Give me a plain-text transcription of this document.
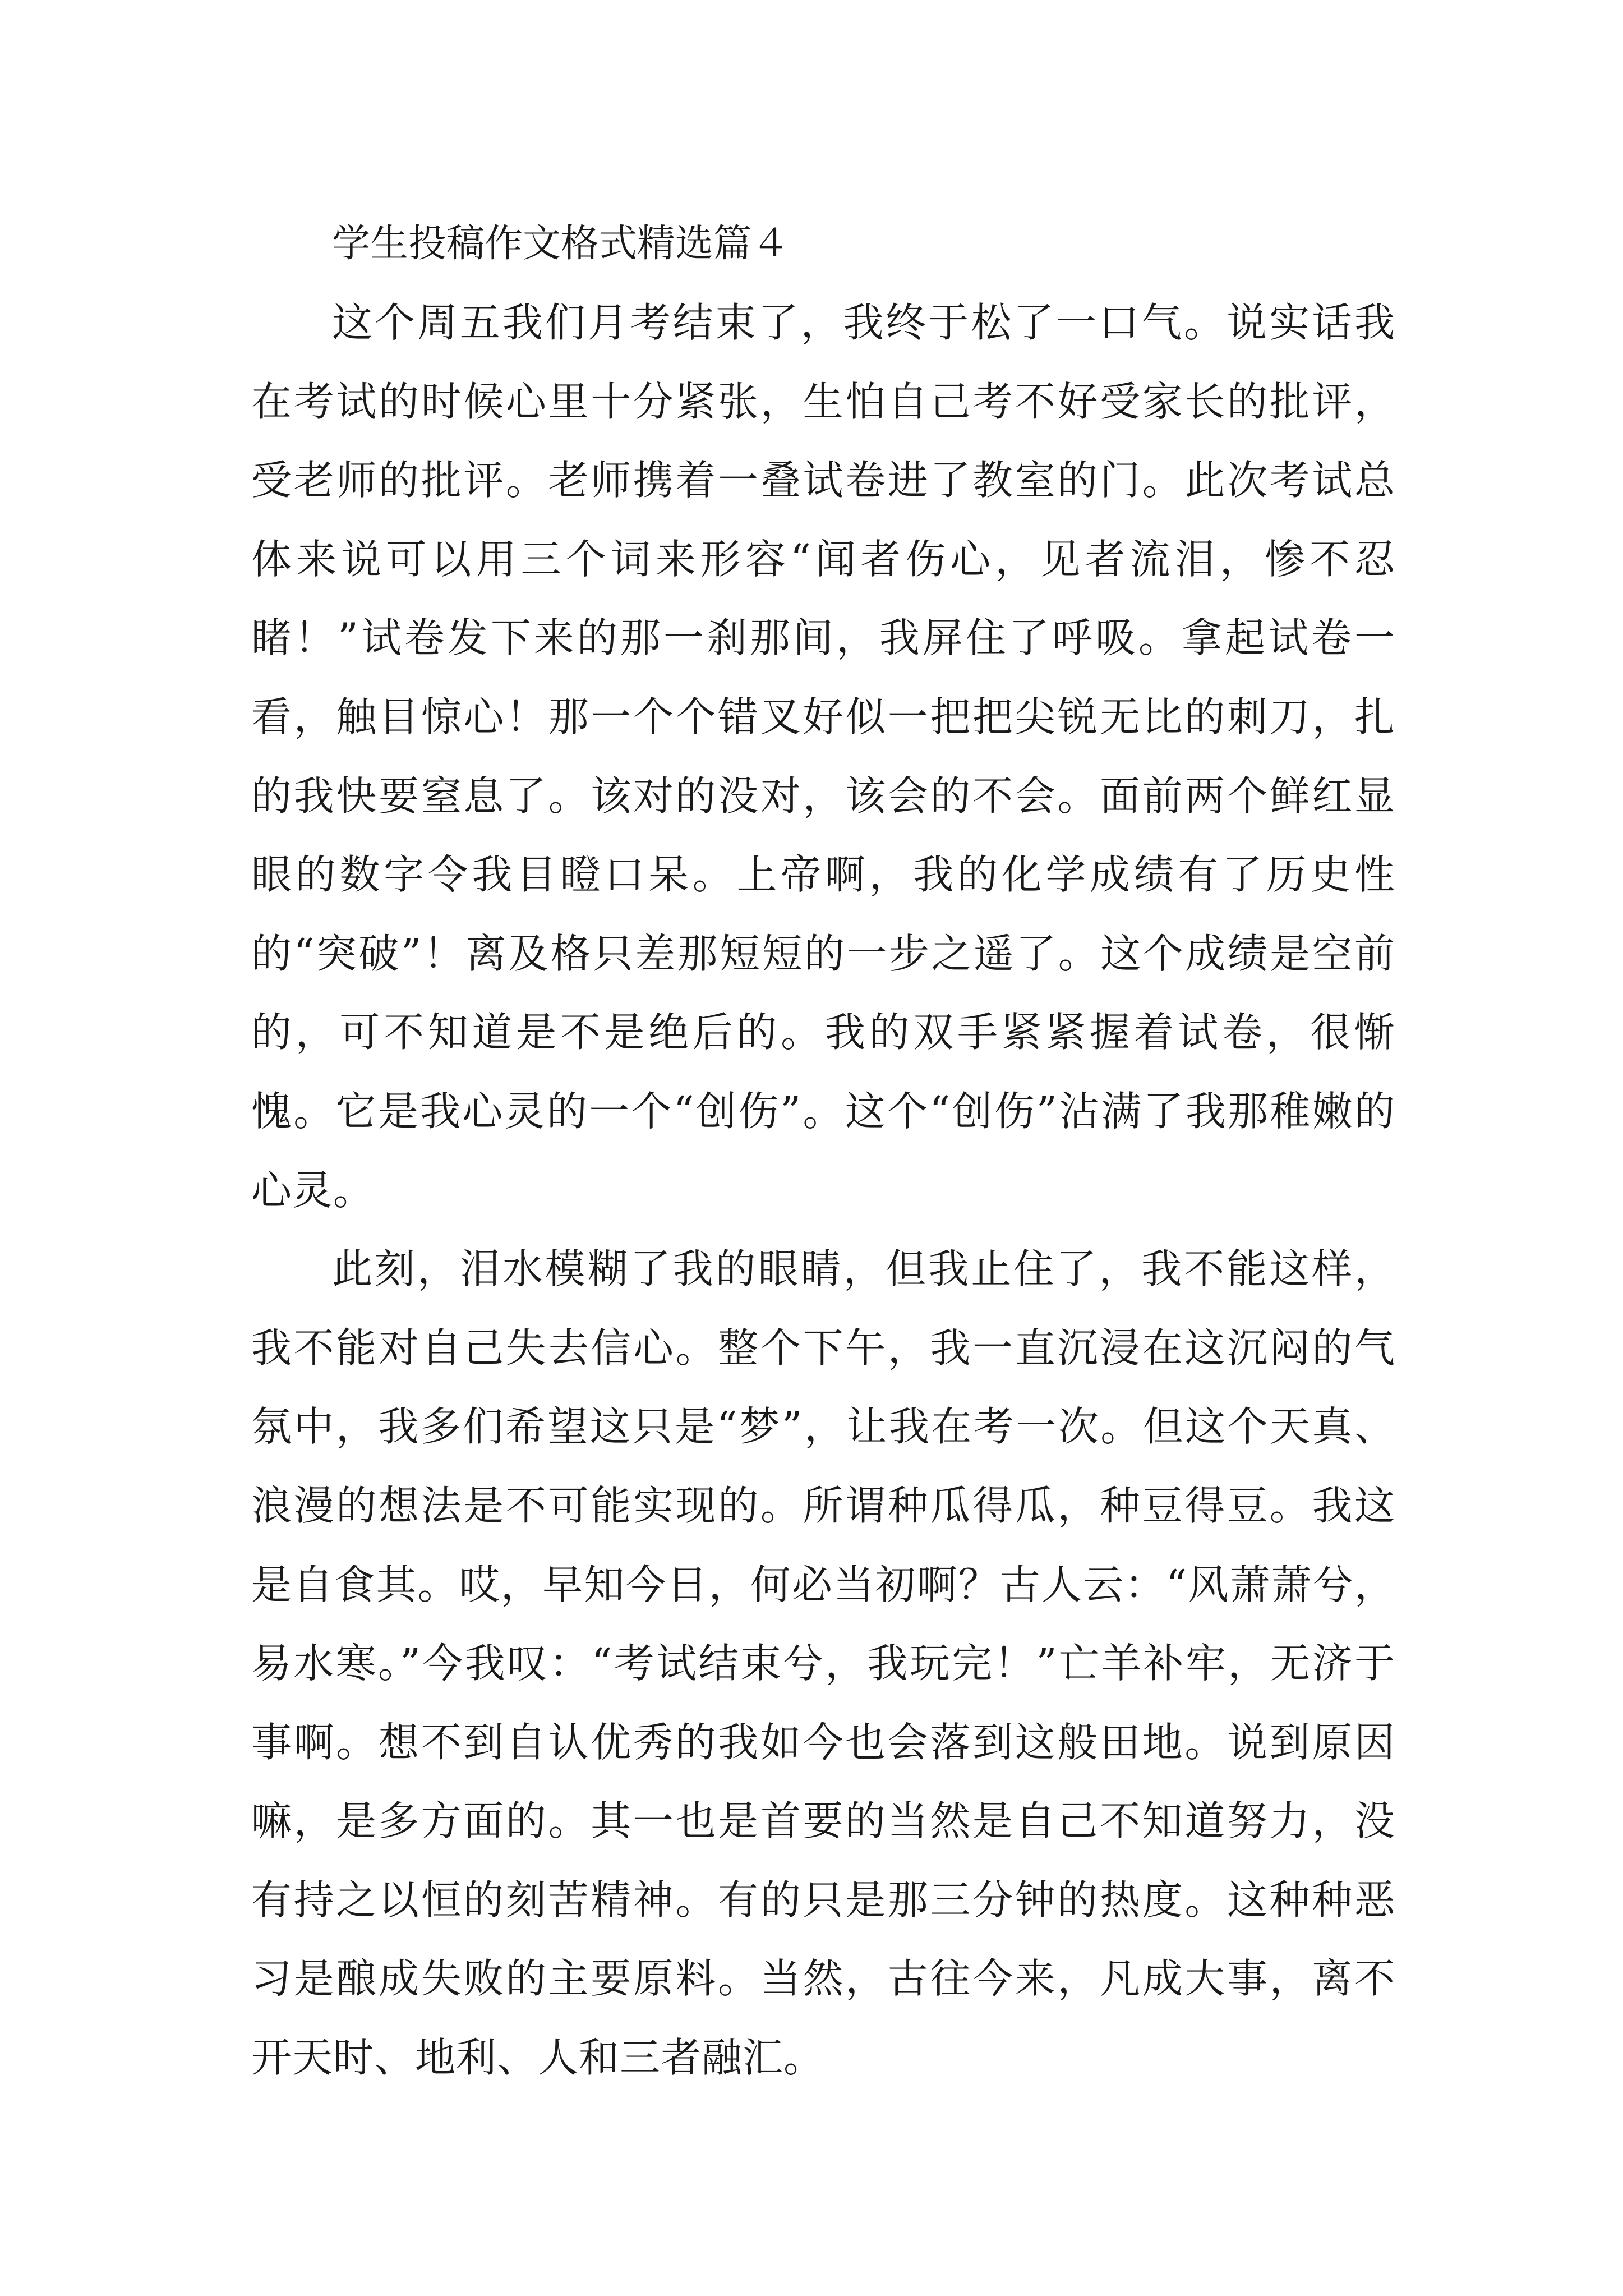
学生投稿作文格式精选篇４

这个周五我们月考结束了，我终于松了一口气。说实话我在考试的时候心里十分紧张，生怕自己考不好受家长的批评，受老师的批评。老师携着一叠试卷进了教室的门。此次考试总体来说可以用三个词来形容“闻者伤心，见者流泪，惨不忍睹！”试卷发下来的那一刹那间，我屏住了呼吸。拿起试卷一看，触目惊心！那一个个错叉好似一把把尖锐无比的刺刀，扎的我快要窒息了。该对的没对，该会的不会。面前两个鲜红显眼的数字令我目瞪口呆。上帝啊，我的化学成绩有了历史性的“突破”！离及格只差那短短的一步之遥了。这个成绩是空前的，可不知道是不是绝后的。我的双手紧紧握着试卷，很惭愧。它是我心灵的一个“创伤”。这个“创伤”沾满了我那稚嫩的心灵。

此刻，泪水模糊了我的眼睛，但我止住了，我不能这样，我不能对自己失去信心。整个下午，我一直沉浸在这沉闷的气氛中，我多们希望这只是“梦”，让我在考一次。但这个天真、浪漫的想法是不可能实现的。所谓种瓜得瓜，种豆得豆。我这是自食其。哎，早知今日，何必当初啊？古人云：“风萧萧兮，易水寒。”今我叹：“考试结束兮，我玩完！”亡羊补牢，无济于事啊。想不到自认优秀的我如今也会落到这般田地。说到原因嘛，是多方面的。其一也是首要的当然是自己不知道努力，没有持之以恒的刻苦精神。有的只是那三分钟的热度。这种种恶习是酿成失败的主要原料。当然，古往今来，凡成大事，离不开天时、地利、人和三者融汇。
